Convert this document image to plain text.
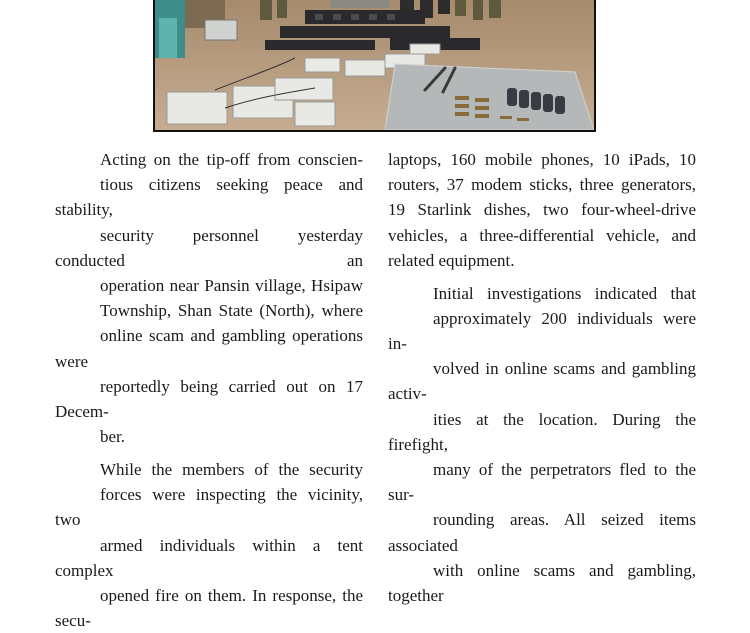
Acting on the tip-off from conscien-
tious citizens seeking peace and stability,
security personnel yesterday conducted an
operation near Pansin village, Hsipaw
Township, Shan State (North), where
online scam and gambling operations were
reportedly being carried out on 17 Decem-
ber.

While the members of the security
forces were inspecting the vicinity, two
armed individuals within a tent complex
opened fire on them. In response, the secu-

laptops, 160 mobile phones, 10 iPads, 10
routers, 37 modem sticks, three generators,
19 Starlink dishes, two four-wheel-drive
vehicles, a three-differential vehicle, and
related equipment.

Initial investigations indicated that
approximately 200 individuals were in-
volved in online scams and gambling activ-
ities at the location. During the firefight,
many of the perpetrators fled to the sur-
rounding areas. All seized items associated
with online scams and gambling, together
